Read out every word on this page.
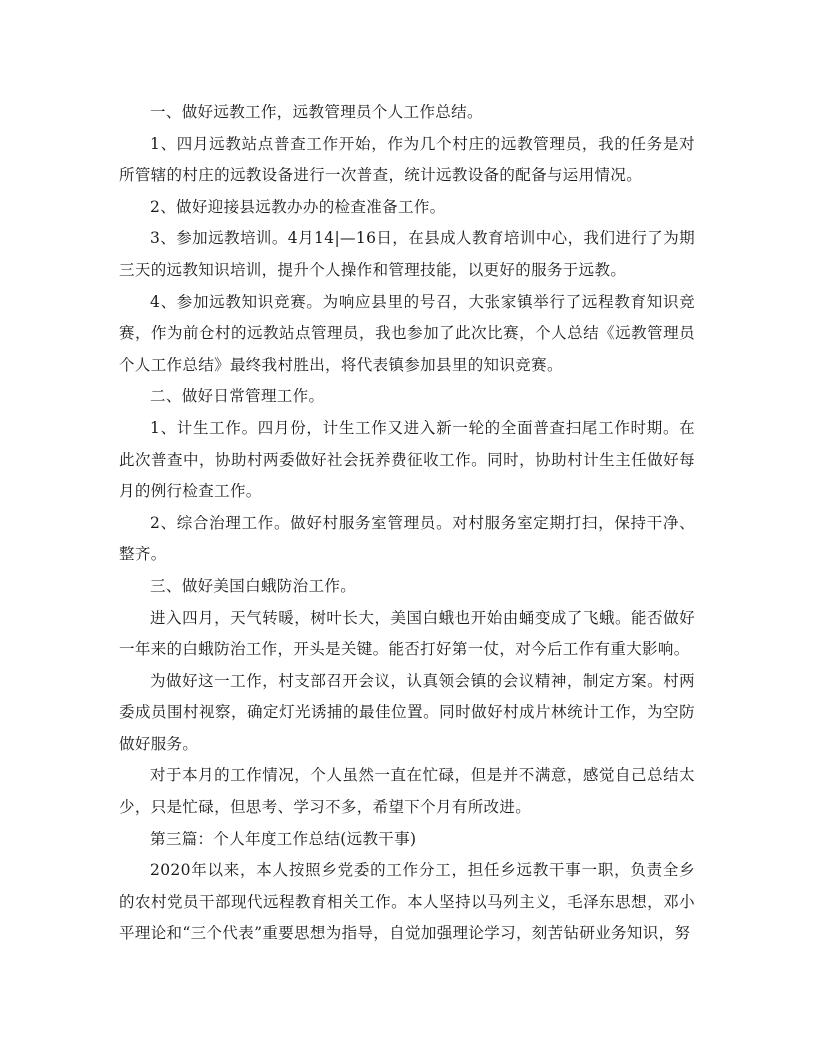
一、做好远教工作，远教管理员个人工作总结。

1、四月远教站点普查工作开始，作为几个村庄的远教管理员，我的任务是对所管辖的村庄的远教设备进行一次普查，统计远教设备的配备与运用情况。

2、做好迎接县远教办办的检查准备工作。

3、参加远教培训。4月14|—16日，在县成人教育培训中心，我们进行了为期三天的远教知识培训，提升个人操作和管理技能，以更好的服务于远教。

4、参加远教知识竞赛。为响应县里的号召，大张家镇举行了远程教育知识竞赛，作为前仓村的远教站点管理员，我也参加了此次比赛，个人总结《远教管理员个人工作总结》最终我村胜出，将代表镇参加县里的知识竞赛。

二、做好日常管理工作。

1、计生工作。四月份，计生工作又进入新一轮的全面普查扫尾工作时期。在此次普查中，协助村两委做好社会抚养费征收工作。同时，协助村计生主任做好每月的例行检查工作。

2、综合治理工作。做好村服务室管理员。对村服务室定期打扫，保持干净、整齐。

三、做好美国白蛾防治工作。

进入四月，天气转暖，树叶长大，美国白蛾也开始由蛹变成了飞蛾。能否做好一年来的白蛾防治工作，开头是关键。能否打好第一仗，对今后工作有重大影响。

为做好这一工作，村支部召开会议，认真领会镇的会议精神，制定方案。村两委成员围村视察，确定灯光诱捕的最佳位置。同时做好村成片林统计工作，为空防做好服务。

对于本月的工作情况，个人虽然一直在忙碌，但是并不满意，感觉自己总结太少，只是忙碌，但思考、学习不多，希望下个月有所改进。

第三篇：个人年度工作总结(远教干事)

2020年以来，本人按照乡党委的工作分工，担任乡远教干事一职，负责全乡的农村党员干部现代远程教育相关工作。本人坚持以马列主义，毛泽东思想，邓小平理论和“三个代表”重要思想为指导，自觉加强理论学习，刻苦钻研业务知识，努
